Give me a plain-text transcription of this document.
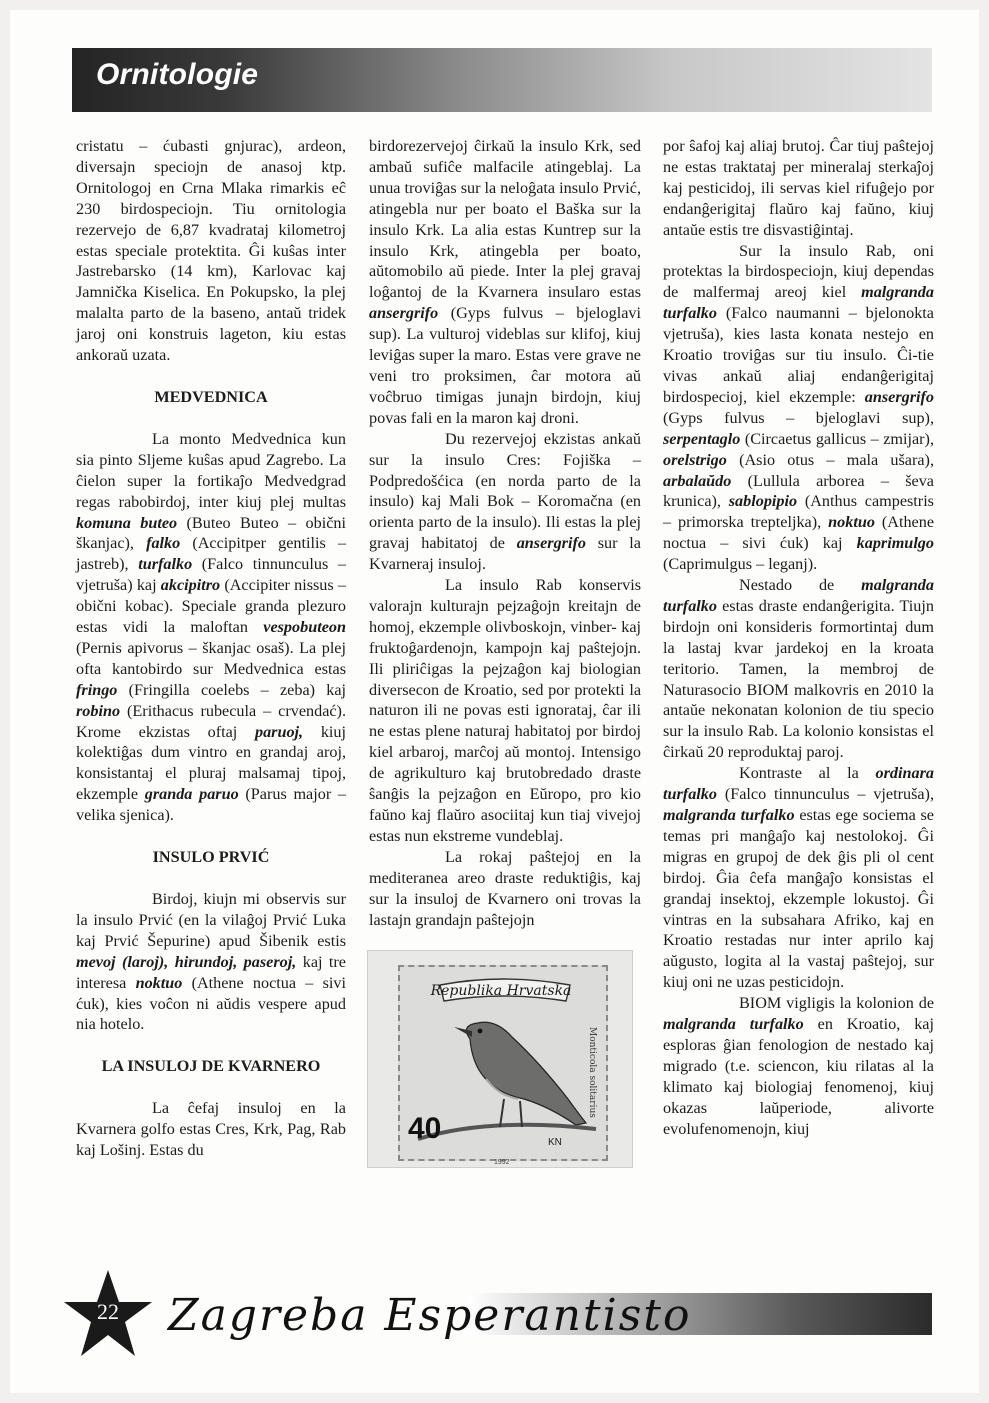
Ornitologie

cristatu – ćubasti gnjurac), ardeon, diversajn speciojn de anasoj ktp. Ornitologoj en Crna Mlaka rimarkis eĉ 230 birdospeciojn. Tiu ornitologia rezervejo de 6,87 kvadrataj kilometroj estas speciale protektita. Ĝi kuŝas inter Jastrebarsko (14 km), Karlovac kaj Jamnička Kiselica. En Pokupsko, la plej malalta parto de la baseno, antaŭ tridek jaroj oni konstruis lageton, kiu estas ankoraŭ uzata.

MEDVEDNICA

La monto Medvednica kun sia pinto Sljeme kuŝas apud Zagrebo. La ĉielon super la fortikaĵo Medvedgrad regas rabobirdoj, inter kiuj plej multas komuna buteo (Buteo Buteo – obični škanjac), falko (Accipitper gentilis – jastreb), turfalko (Falco tinnunculus – vjetruša) kaj akcipitro (Accipiter nissus – obični kobac). Speciale granda plezuro estas vidi la maloftan vespobuteon (Pernis apivorus – škanjac osaš). La plej ofta kantobirdo sur Medvednica estas fringo (Fringilla coelebs – zeba) kaj robino (Erithacus rubecula – crvendać). Krome ekzistas oftaj paruoj, kiuj kolektiĝas dum vintro en grandaj aroj, konsistantaj el pluraj malsamaj tipoj, ekzemple granda paruo (Parus major – velika sjenica).

INSULO PRVIĆ

Birdoj, kiujn mi observis sur la insulo Prvić (en la vilaĝoj Prvić Luka kaj Prvić Šepurine) apud Šibenik estis mevoj (laroj), hirundoj, paseroj, kaj tre interesa noktuo (Athene noctua – sivi ćuk), kies voĉon ni aŭdis vespere apud nia hotelo.

LA INSULOJ DE KVARNERO

La ĉefaj insuloj en la Kvarnera golfo estas Cres, Krk, Pag, Rab kaj Lošinj. Estas du

birdorezervejoj ĉirkaŭ la insulo Krk, sed ambaŭ sufiĉe malfacile atingeblaj. La unua troviĝas sur la neloĝata insulo Prvić, atingebla nur per boato el Baška sur la insulo Krk. La alia estas Kuntrep sur la insulo Krk, atingebla per boato, aŭtomobilo aŭ piede. Inter la plej gravaj loĝantoj de la Kvarnera insularo estas ansergrifo (Gyps fulvus – bjeloglavi sup). La vulturoj videblas sur klifoj, kiuj leviĝas super la maro. Estas vere grave ne veni tro proksimen, ĉar motora aŭ voĉbruo timigas junajn birdojn, kiuj povas fali en la maron kaj droni.

Du rezervejoj ekzistas ankaŭ sur la insulo Cres: Fojiška – Podpredošćica (en norda parto de la insulo) kaj Mali Bok – Koromačna (en orienta parto de la insulo). Ili estas la plej gravaj habitatoj de ansergrifo sur la Kvarneraj insuloj.

La insulo Rab konservis valorajn kulturajn pejzaĝojn kreitajn de homoj, ekzemple olivboskojn, vinber- kaj fruktoĝardenojn, kampojn kaj paŝtejojn. Ili pliriĉigas la pejzaĝon kaj biologian diversecon de Kroatio, sed por protekti la naturon ili ne povas esti ignorataj, ĉar ili ne estas plene naturaj habitatoj por birdoj kiel arbaroj, marĉoj aŭ montoj. Intensigo de agrikulturo kaj brutobredado draste ŝanĝis la pejzaĝon en Eŭropo, pro kio faŭno kaj flaŭro asociitaj kun tiaj vivejoj estas nun ekstreme vundeblaj.

La rokaj paŝtejoj en la mediteranea areo draste reduktiĝis, kaj sur la insuloj de Kvarnero oni trovas la lastajn grandajn paŝtejojn

Monticola solitarius
Republika Hrvatska
40	KN
1992

por ŝafoj kaj aliaj brutoj. Ĉar tiuj paŝtejoj ne estas traktataj per mineralaj sterkaĵoj kaj pesticidoj, ili servas kiel rifuĝejo por endanĝerigitaj flaŭro kaj faŭno, kiuj antaŭe estis tre disvastiĝintaj.

Sur la insulo Rab, oni protektas la birdospeciojn, kiuj dependas de malfermaj areoj kiel malgranda turfalko (Falco naumanni – bjelonokta vjetruša), kies lasta konata nestejo en Kroatio troviĝas sur tiu insulo. Ĉi-tie vivas ankaŭ aliaj endanĝerigitaj birdospecioj, kiel ekzemple: ansergrifo (Gyps fulvus – bjeloglavi sup), serpentaglo (Circaetus gallicus – zmijar), orelstrigo (Asio otus – mala ušara), arbalaŭdo (Lullula arborea – ševa krunica), sablopipio (Anthus campestris – primorska trepteljka), noktuo (Athene noctua – sivi ćuk) kaj kaprimulgo (Caprimulgus – leganj).

Nestado de malgranda turfalko estas draste endanĝerigita. Tiujn birdojn oni konsideris formortintaj dum la lastaj kvar jardekoj en la kroata teritorio. Tamen, la membroj de Naturasocio BIOM malkovris en 2010 la antaŭe nekonatan kolonion de tiu specio sur la insulo Rab. La kolonio konsistas el ĉirkaŭ 20 reproduktaj paroj.

Kontraste al la ordinara turfalko (Falco tinnunculus – vjetruša), malgranda turfalko estas ege sociema se temas pri manĝaĵo kaj nestolokoj. Ĝi migras en grupoj de dek ĝis pli ol cent birdoj. Ĝia ĉefa manĝaĵo konsistas el grandaj insektoj, ekzemple lokustoj. Ĝi vintras en la subsahara Afriko, kaj en Kroatio restadas nur inter aprilo kaj aŭgusto, logita al la vastaj paŝtejoj, sur kiuj oni ne uzas pesticidojn.

BIOM vigligis la kolonion de malgranda turfalko en Kroatio, kaj esploras ĝian fenologion de nestado kaj migrado (t.e. sciencon, kiu rilatas al la klimato kaj biologiaj fenomenoj, kiuj okazas laŭperiode, alivorte evolufenomenojn, kiuj

22 Zagreba Esperantisto
